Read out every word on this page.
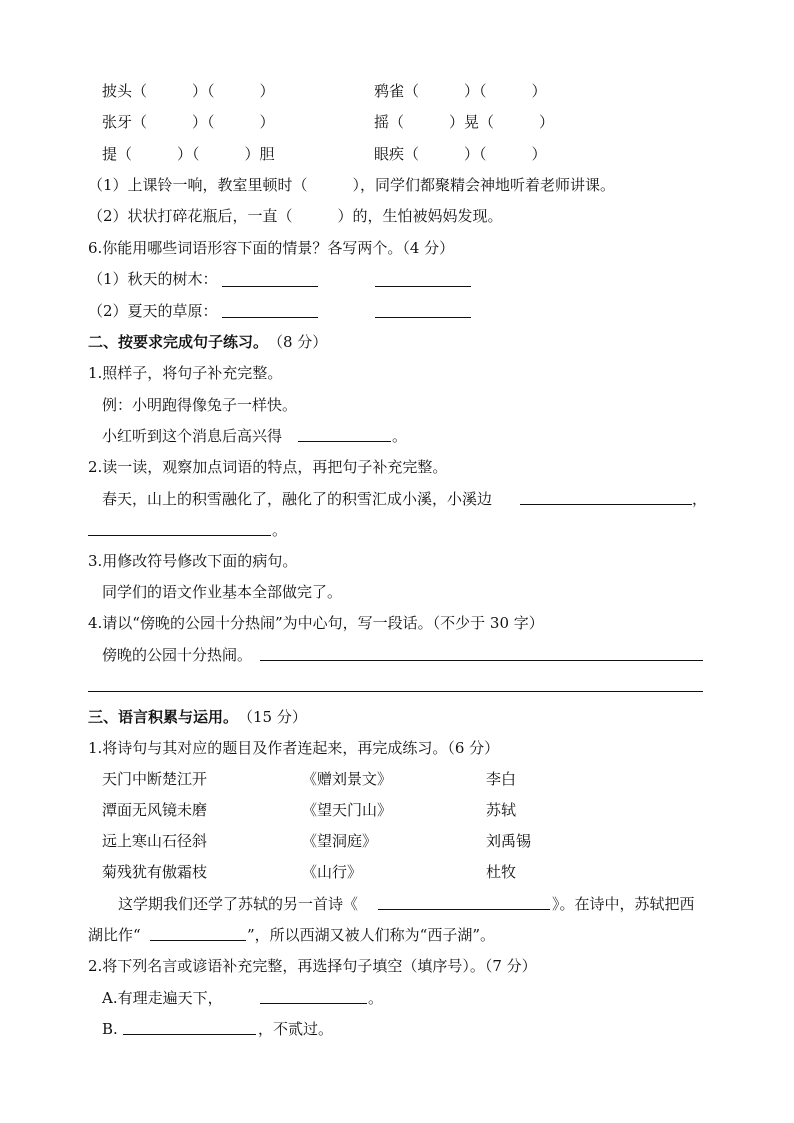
披头（　　　）（　　　）	鸦雀（　　　）（　　　）
张牙（　　　）（　　　）	摇（　　　）晃（　　　）
提（　　　）（　　　）胆	眼疾（　　　）（　　　）
（1）上课铃一响，教室里顿时（　　　），同学们都聚精会神地听着老师讲课。
（2）状状打碎花瓶后，一直（　　　）的，生怕被妈妈发现。
6.你能用哪些词语形容下面的情景？各写两个。（4 分）
（1）秋天的树木：
（2）夏天的草原：
二、按要求完成句子练习。 （8 分）
1.照样子，将句子补充完整。
例：小明跑得像兔子一样快。
小红听到这个消息后高兴得	。
2.读一读，观察加点词语的特点，再把句子补充完整。
春天，山上的积雪融化了，融化了的积雪汇成小溪，小溪边	，
。
3.用修改符号修改下面的病句。
同学们的语文作业基本全部做完了。
4.请以“傍晚的公园十分热闹”为中心句，写一段话。（不少于 30 字）
傍晚的公园十分热闹。
三、语言积累与运用。 （15 分）
1.将诗句与其对应的题目及作者连起来，再完成练习。（6 分）
天门中断楚江开	《赠刘景文》	李白
潭面无风镜未磨	《望天门山》	苏轼
远上寒山石径斜	《望洞庭》	刘禹锡
菊残犹有傲霜枝	《山行》	杜牧
这学期我们还学了苏轼的另一首诗《	》。在诗中，苏轼把西
湖比作“	”，所以西湖又被人们称为“西子湖”。
2.将下列名言或谚语补充完整，再选择句子填空（填序号）。（7 分）
A.有理走遍天下，	。
B.	，不贰过。
